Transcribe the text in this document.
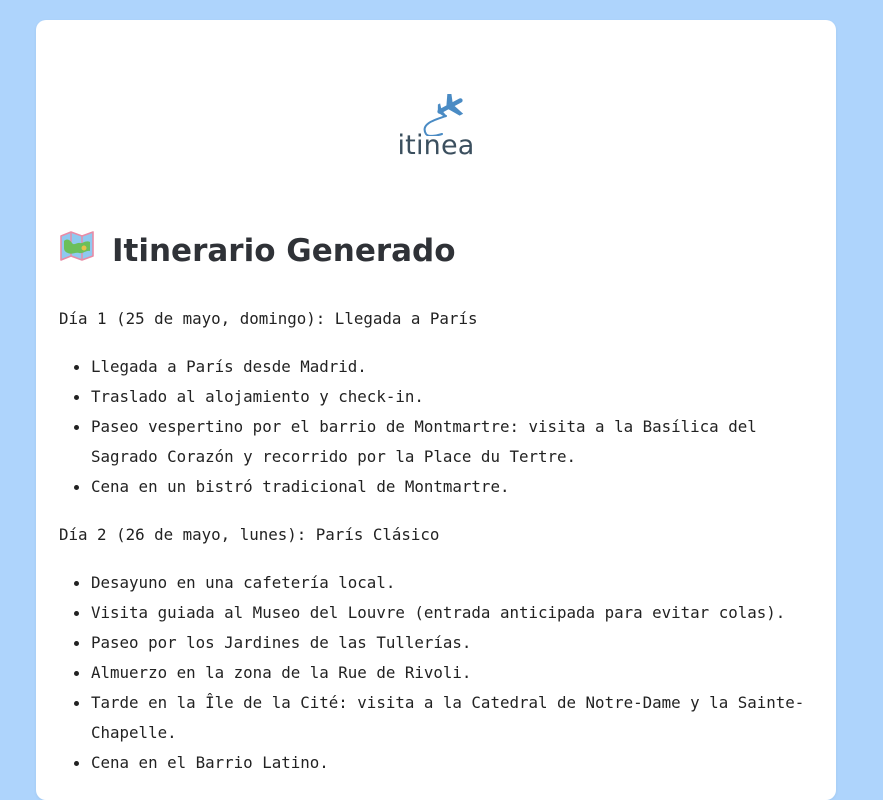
itinea
Itinerario Generado

Día 1 (25 de mayo, domingo): Llegada a París

Llegada a París desde Madrid.
Traslado al alojamiento y check-in.
Paseo vespertino por el barrio de Montmartre: visita a la Basílica del Sagrado Corazón y recorrido por la Place du Tertre.
Cena en un bistró tradicional de Montmartre.

Día 2 (26 de mayo, lunes): París Clásico

Desayuno en una cafetería local.
Visita guiada al Museo del Louvre (entrada anticipada para evitar colas).
Paseo por los Jardines de las Tullerías.
Almuerzo en la zona de la Rue de Rivoli.
Tarde en la Île de la Cité: visita a la Catedral de Notre-Dame y la Sainte-Chapelle.
Cena en el Barrio Latino.
